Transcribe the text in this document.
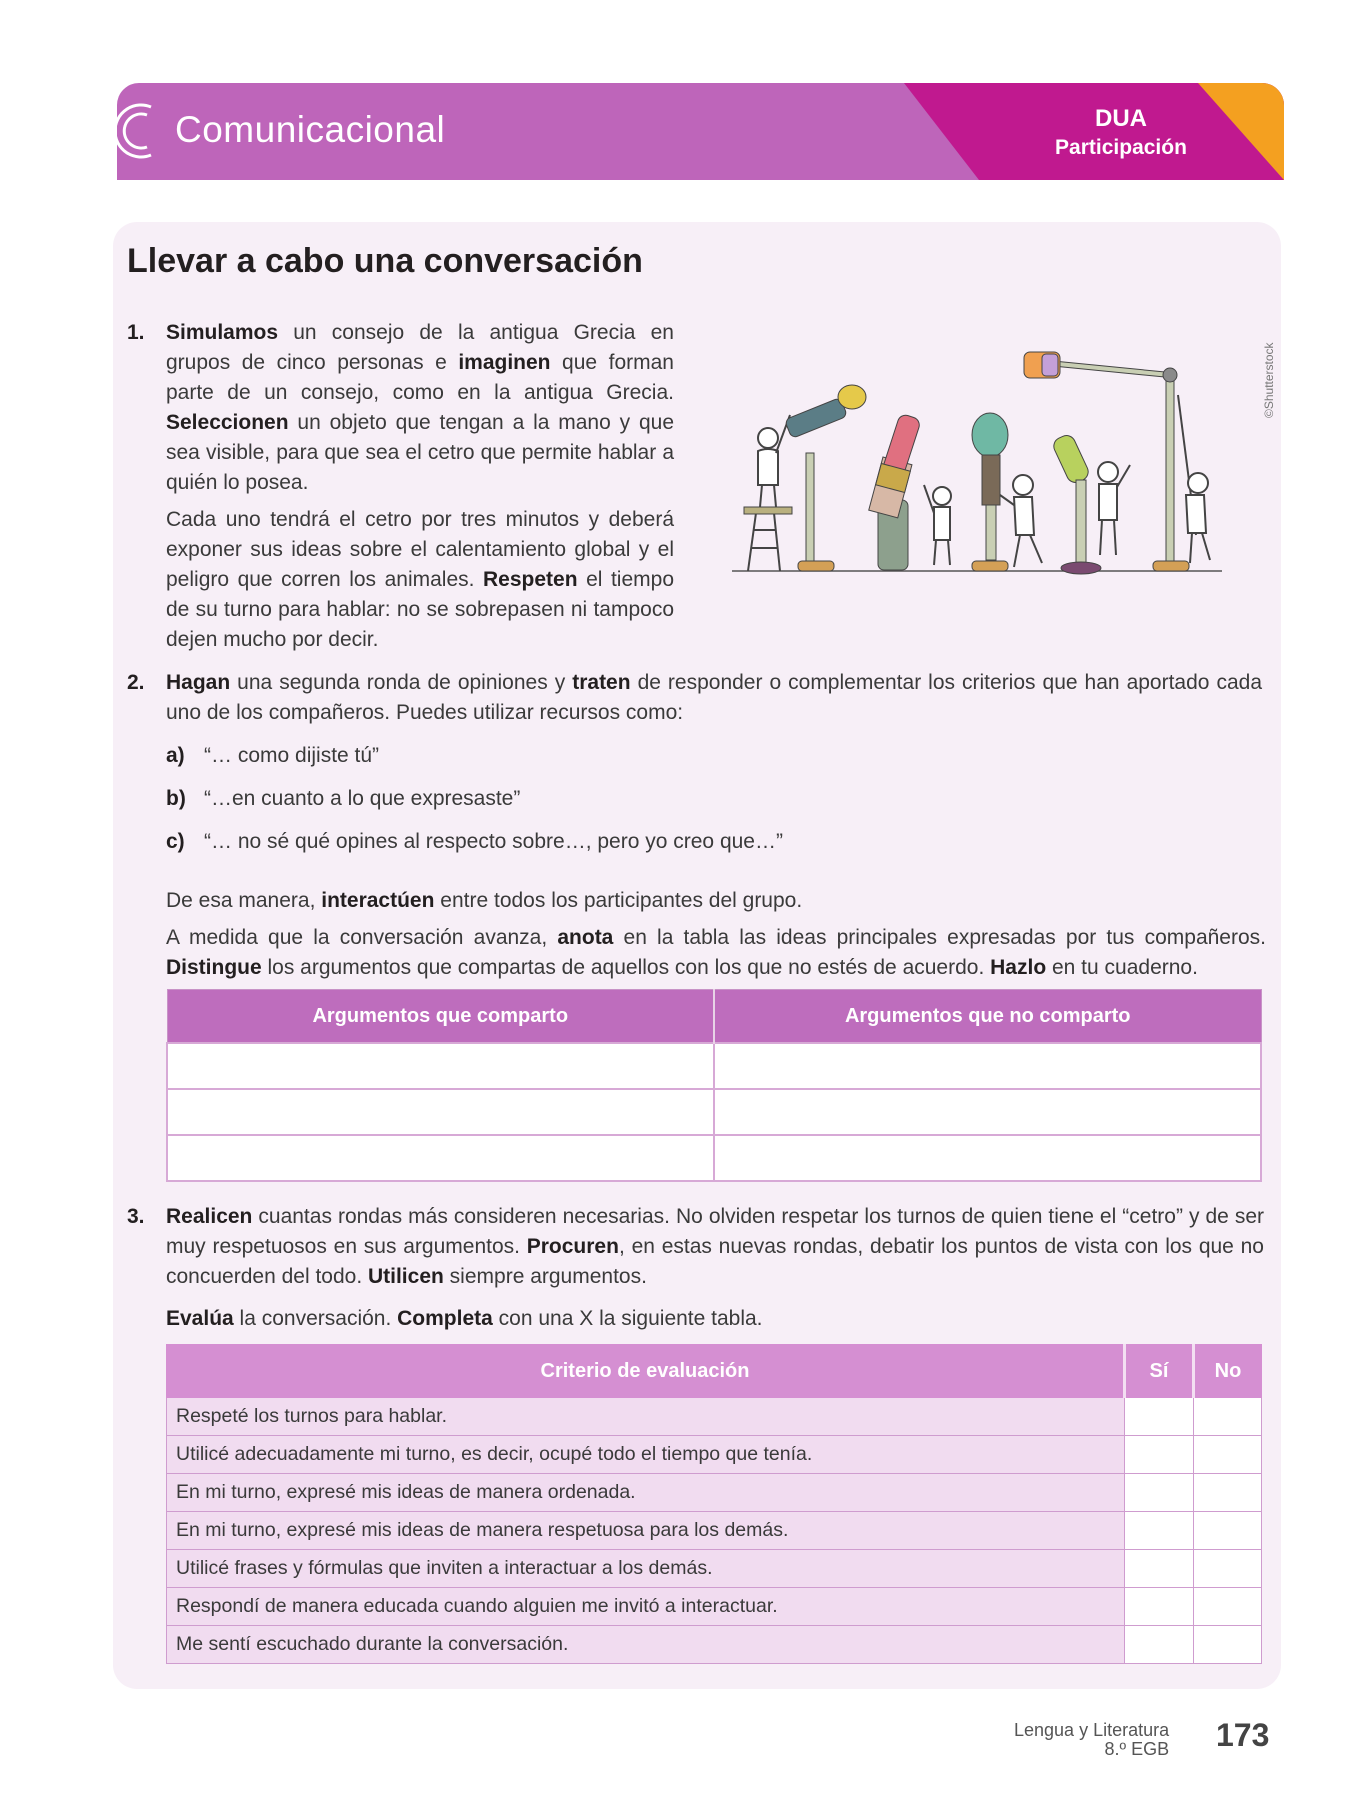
Comunicacional	DUA
Participación
Llevar a cabo una conversación
1. Simulamos un consejo de la antigua Grecia en grupos de cinco personas e imaginen que forman parte de un consejo, como en la antigua Grecia. Seleccionen un objeto que tengan a la mano y que sea visible, para que sea el cetro que permite hablar a quién lo posea.
Cada uno tendrá el cetro por tres minutos y deberá exponer sus ideas sobre el calentamiento global y el peligro que corren los animales. Respeten el tiempo de su turno para hablar: no se sobrepasen ni tampoco dejen mucho por decir.
©Shutterstock
2. Hagan una segunda ronda de opiniones y traten de responder o complementar los criterios que han aportado cada uno de los compañeros. Puedes utilizar recursos como:
a) “… como dijiste tú”
b) “…en cuanto a lo que expresaste”
c) “… no sé qué opines al respecto sobre…, pero yo creo que…”
De esa manera, interactúen entre todos los participantes del grupo.
A medida que la conversación avanza, anota en la tabla las ideas principales expresadas por tus compañeros. Distingue los argumentos que compartas de aquellos con los que no estés de acuerdo. Hazlo en tu cuaderno.
Argumentos que comparto	Argumentos que no comparto

3. Realicen cuantas rondas más consideren necesarias. No olviden respetar los turnos de quien tiene el “cetro” y de ser muy respetuosos en sus argumentos. Procuren, en estas nuevas rondas, debatir los puntos de vista con los que no concuerden del todo. Utilicen siempre argumentos.
Evalúa la conversación. Completa con una X la siguiente tabla.
Criterio de evaluación	Sí	No
Respeté los turnos para hablar.		
Utilicé adecuadamente mi turno, es decir, ocupé todo el tiempo que tenía.		
En mi turno, expresé mis ideas de manera ordenada.		
En mi turno, expresé mis ideas de manera respetuosa para los demás.		
Utilicé frases y fórmulas que inviten a interactuar a los demás.		
Respondí de manera educada cuando alguien me invitó a interactuar.		
Me sentí escuchado durante la conversación.		
Lengua y Literatura
8.º EGB 173
